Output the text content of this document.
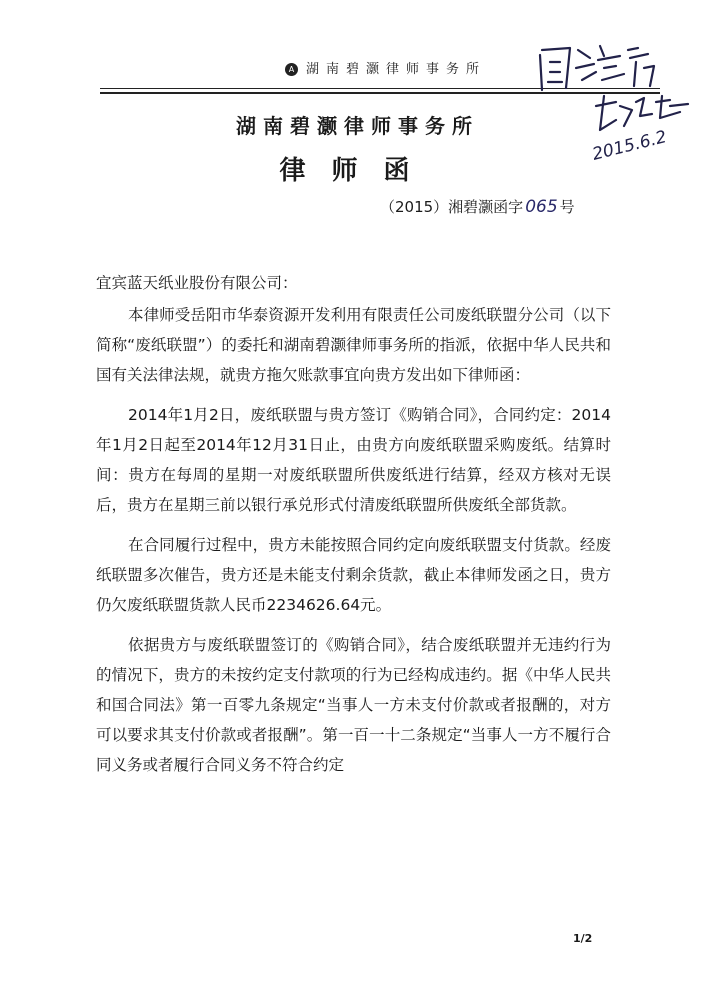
A 湖南碧灏律师事务所
2015.6.2
湖南碧灏律师事务所
律师函
（2015）湘碧灏函字 065 号

宜宾蓝天纸业股份有限公司：

本律师受岳阳市华泰资源开发利用有限责任公司废纸联盟分公司（以下简称“废纸联盟”）的委托和湖南碧灏律师事务所的指派，依据中华人民共和国有关法律法规，就贵方拖欠账款事宜向贵方发出如下律师函：

2014年1月2日，废纸联盟与贵方签订《购销合同》，合同约定：2014年1月2日起至2014年12月31日止，由贵方向废纸联盟采购废纸。结算时间：贵方在每周的星期一对废纸联盟所供废纸进行结算，经双方核对无误后，贵方在星期三前以银行承兑形式付清废纸联盟所供废纸全部货款。

在合同履行过程中，贵方未能按照合同约定向废纸联盟支付货款。经废纸联盟多次催告，贵方还是未能支付剩余货款，截止本律师发函之日，贵方仍欠废纸联盟货款人民币2234626.64元。

依据贵方与废纸联盟签订的《购销合同》，结合废纸联盟并无违约行为的情况下，贵方的未按约定支付款项的行为已经构成违约。据《中华人民共和国合同法》第一百零九条规定“当事人一方未支付价款或者报酬的，对方可以要求其支付价款或者报酬”。第一百一十二条规定“当事人一方不履行合同义务或者履行合同义务不符合约定

1/2
